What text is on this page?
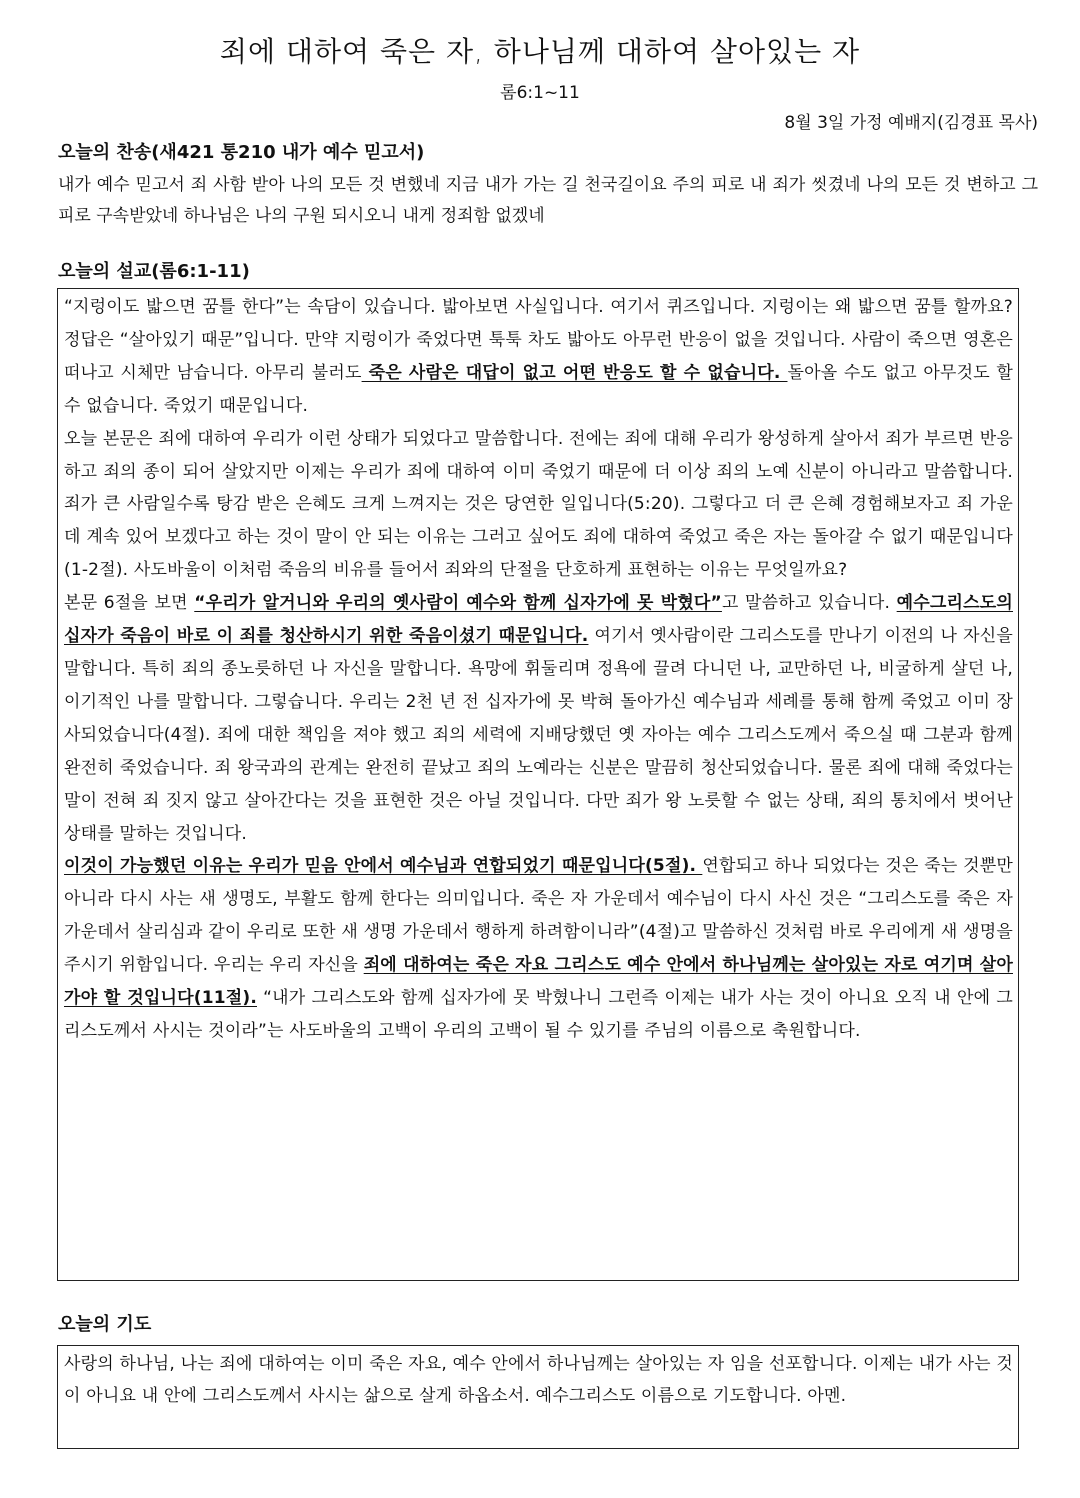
죄에 대하여 죽은 자, 하나님께 대하여 살아있는 자
롬6:1~11
8월 3일 가정 예배지(김경표 목사)
오늘의 찬송(새421 통210 내가 예수 믿고서)

내가 예수 믿고서 죄 사함 받아 나의 모든 것 변했네 지금 내가 가는 길 천국길이요 주의 피로 내 죄가 씻겼네 나의 모든 것 변하고 그 피로 구속받았네 하나님은 나의 구원 되시오니 내게 정죄함 없겠네

오늘의 설교(롬6:1-11)

“지렁이도 밟으면 꿈틀 한다”는 속담이 있습니다. 밟아보면 사실입니다. 여기서 퀴즈입니다. 지렁이는 왜 밟으면 꿈틀 할까요? 정답은 “살아있기 때문”입니다. 만약 지렁이가 죽었다면 툭툭 차도 밟아도 아무런 반응이 없을 것입니다. 사람이 죽으면 영혼은 떠나고 시체만 남습니다. 아무리 불러도 죽은 사람은 대답이 없고 어떤 반응도 할 수 없습니다. 돌아올 수도 없고 아무것도 할 수 없습니다. 죽었기 때문입니다.

오늘 본문은 죄에 대하여 우리가 이런 상태가 되었다고 말씀합니다. 전에는 죄에 대해 우리가 왕성하게 살아서 죄가 부르면 반응하고 죄의 종이 되어 살았지만 이제는 우리가 죄에 대하여 이미 죽었기 때문에 더 이상 죄의 노예 신분이 아니라고 말씀합니다. 죄가 큰 사람일수록 탕감 받은 은혜도 크게 느껴지는 것은 당연한 일입니다(5:20). 그렇다고 더 큰 은혜 경험해보자고 죄 가운데 계속 있어 보겠다고 하는 것이 말이 안 되는 이유는 그러고 싶어도 죄에 대하여 죽었고 죽은 자는 돌아갈 수 없기 때문입니다(1-2절). 사도바울이 이처럼 죽음의 비유를 들어서 죄와의 단절을 단호하게 표현하는 이유는 무엇일까요?

본문 6절을 보면 “우리가 알거니와 우리의 옛사람이 예수와 함께 십자가에 못 박혔다”고 말씀하고 있습니다. 예수그리스도의 십자가 죽음이 바로 이 죄를 청산하시기 위한 죽음이셨기 때문입니다. 여기서 옛사람이란 그리스도를 만나기 이전의 나 자신을 말합니다. 특히 죄의 종노릇하던 나 자신을 말합니다. 욕망에 휘둘리며 정욕에 끌려 다니던 나, 교만하던 나, 비굴하게 살던 나, 이기적인 나를 말합니다. 그렇습니다. 우리는 2천 년 전 십자가에 못 박혀 돌아가신 예수님과 세례를 통해 함께 죽었고 이미 장사되었습니다(4절). 죄에 대한 책임을 져야 했고 죄의 세력에 지배당했던 옛 자아는 예수 그리스도께서 죽으실 때 그분과 함께 완전히 죽었습니다. 죄 왕국과의 관계는 완전히 끝났고 죄의 노예라는 신분은 말끔히 청산되었습니다. 물론 죄에 대해 죽었다는 말이 전혀 죄 짓지 않고 살아간다는 것을 표현한 것은 아닐 것입니다. 다만 죄가 왕 노릇할 수 없는 상태, 죄의 통치에서 벗어난 상태를 말하는 것입니다.

이것이 가능했던 이유는 우리가 믿음 안에서 예수님과 연합되었기 때문입니다(5절). 연합되고 하나 되었다는 것은 죽는 것뿐만 아니라 다시 사는 새 생명도, 부활도 함께 한다는 의미입니다. 죽은 자 가운데서 예수님이 다시 사신 것은 “그리스도를 죽은 자 가운데서 살리심과 같이 우리로 또한 새 생명 가운데서 행하게 하려함이니라”(4절)고 말씀하신 것처럼 바로 우리에게 새 생명을 주시기 위함입니다. 우리는 우리 자신을 죄에 대하여는 죽은 자요 그리스도 예수 안에서 하나님께는 살아있는 자로 여기며 살아가야 할 것입니다(11절). “내가 그리스도와 함께 십자가에 못 박혔나니 그런즉 이제는 내가 사는 것이 아니요 오직 내 안에 그리스도께서 사시는 것이라”는 사도바울의 고백이 우리의 고백이 될 수 있기를 주님의 이름으로 축원합니다.

오늘의 기도

사랑의 하나님, 나는 죄에 대하여는 이미 죽은 자요, 예수 안에서 하나님께는 살아있는 자 임을 선포합니다. 이제는 내가 사는 것이 아니요 내 안에 그리스도께서 사시는 삶으로 살게 하옵소서. 예수그리스도 이름으로 기도합니다. 아멘.
